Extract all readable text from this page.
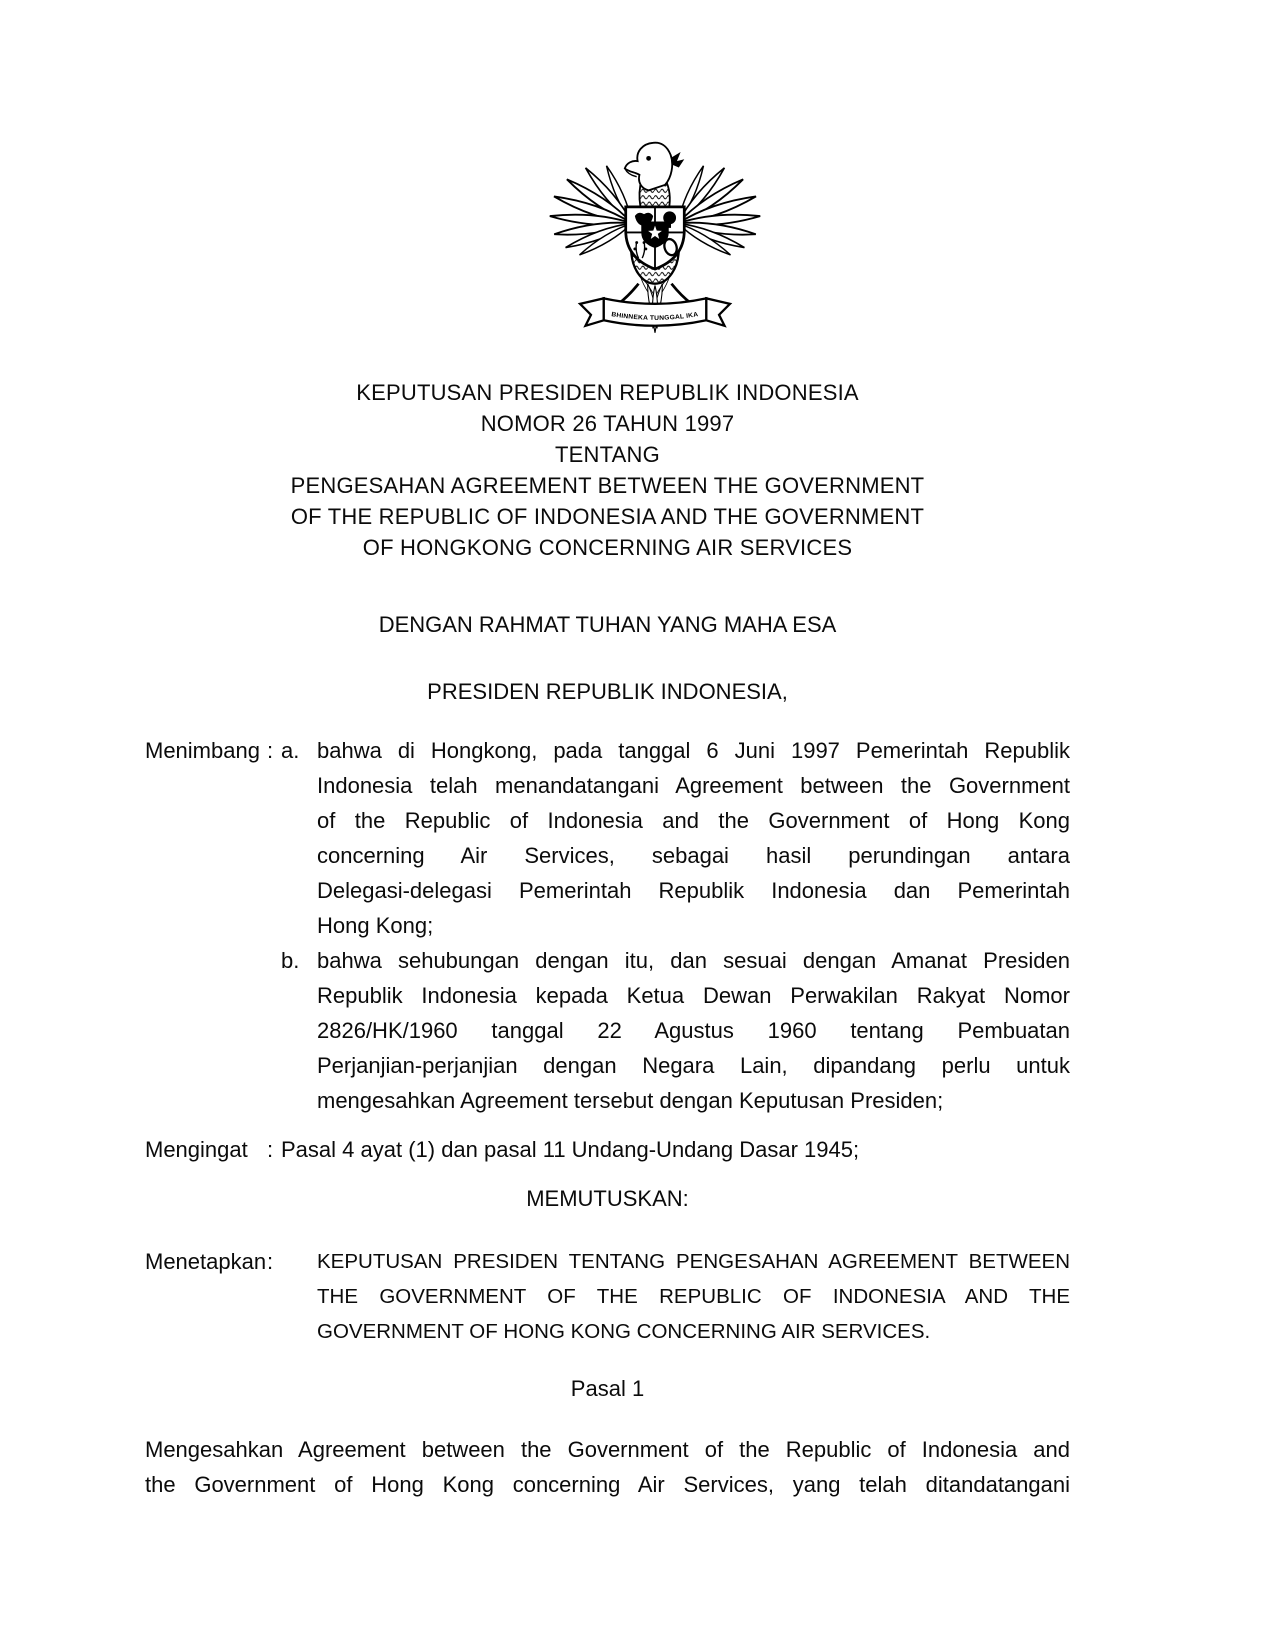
BHINNEKA TUNGGAL IKA
KEPUTUSAN PRESIDEN REPUBLIK INDONESIA
NOMOR 26 TAHUN 1997
TENTANG
PENGESAHAN AGREEMENT BETWEEN THE GOVERNMENT
OF THE REPUBLIC OF INDONESIA AND THE GOVERNMENT
OF HONGKONG CONCERNING AIR SERVICES
DENGAN RAHMAT TUHAN YANG MAHA ESA
PRESIDEN REPUBLIK INDONESIA,
Menimbang : a. bahwa di Hongkong, pada tanggal 6 Juni 1997 Pemerintah Republik
Indonesia telah menandatangani Agreement between the Government
of the Republic of Indonesia and the Government of Hong Kong
concerning Air Services, sebagai hasil perundingan antara
Delegasi-delegasi Pemerintah Republik Indonesia dan Pemerintah
Hong Kong;
b. bahwa sehubungan dengan itu, dan sesuai dengan Amanat Presiden
Republik Indonesia kepada Ketua Dewan Perwakilan Rakyat Nomor
2826/HK/1960 tanggal 22 Agustus 1960 tentang Pembuatan
Perjanjian-perjanjian dengan Negara Lain, dipandang perlu untuk
mengesahkan Agreement tersebut dengan Keputusan Presiden;
Mengingat : Pasal 4 ayat (1) dan pasal 11 Undang-Undang Dasar 1945;
MEMUTUSKAN:
Menetapkan :	KEPUTUSAN PRESIDEN TENTANG PENGESAHAN AGREEMENT BETWEEN
THE GOVERNMENT OF THE REPUBLIC OF INDONESIA AND THE
GOVERNMENT OF HONG KONG CONCERNING AIR SERVICES.
Pasal 1
Mengesahkan Agreement between the Government of the Republic of Indonesia and
the Government of Hong Kong concerning Air Services, yang telah ditandatangani
